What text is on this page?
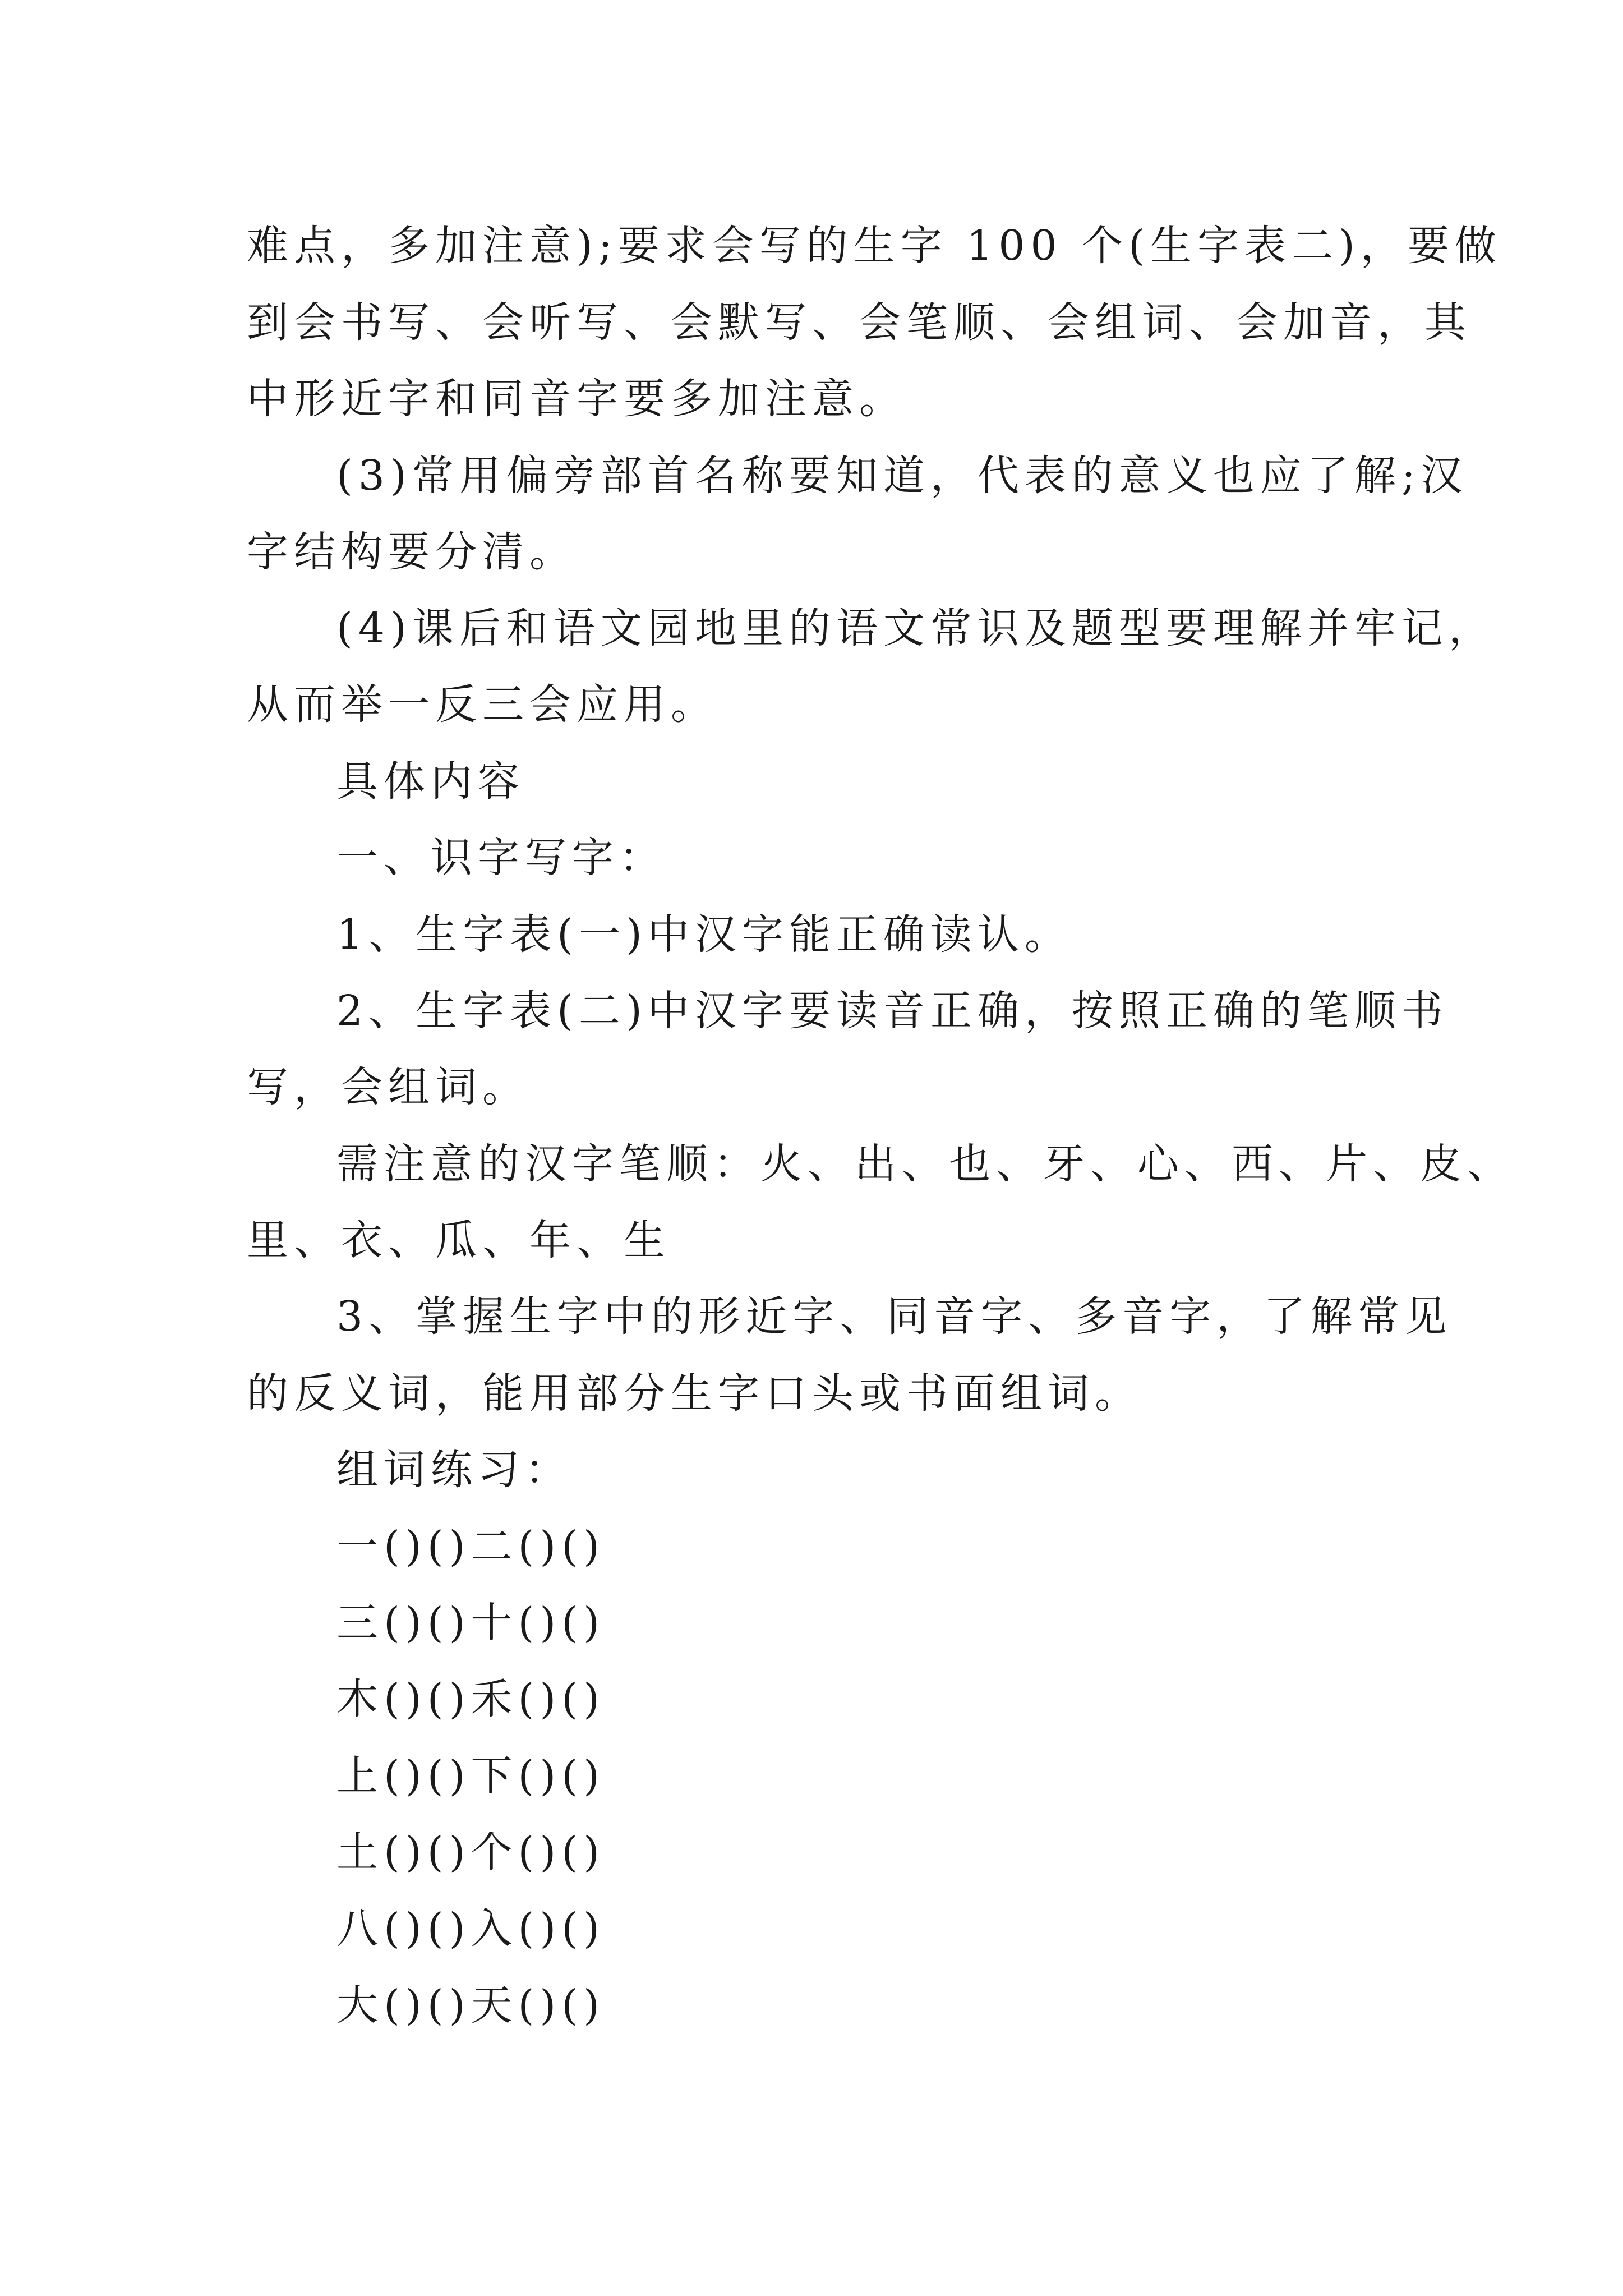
难点，多加注意);要求会写的生字 100 个(生字表二)，要做

到会书写、会听写、会默写、会笔顺、会组词、会加音，其

中形近字和同音字要多加注意。

(3)常用偏旁部首名称要知道，代表的意义也应了解;汉

字结构要分清。

(4)课后和语文园地里的语文常识及题型要理解并牢记，

从而举一反三会应用。

具体内容

一、识字写字：

1、生字表(一)中汉字能正确读认。

2、生字表(二)中汉字要读音正确，按照正确的笔顺书

写，会组词。

需注意的汉字笔顺：火、出、也、牙、心、西、片、皮、

里、衣、瓜、年、生

3、掌握生字中的形近字、同音字、多音字，了解常见

的反义词，能用部分生字口头或书面组词。

组词练习：

一()()二()()

三()()十()()

木()()禾()()

上()()下()()

土()()个()()

八()()入()()

大()()天()()
